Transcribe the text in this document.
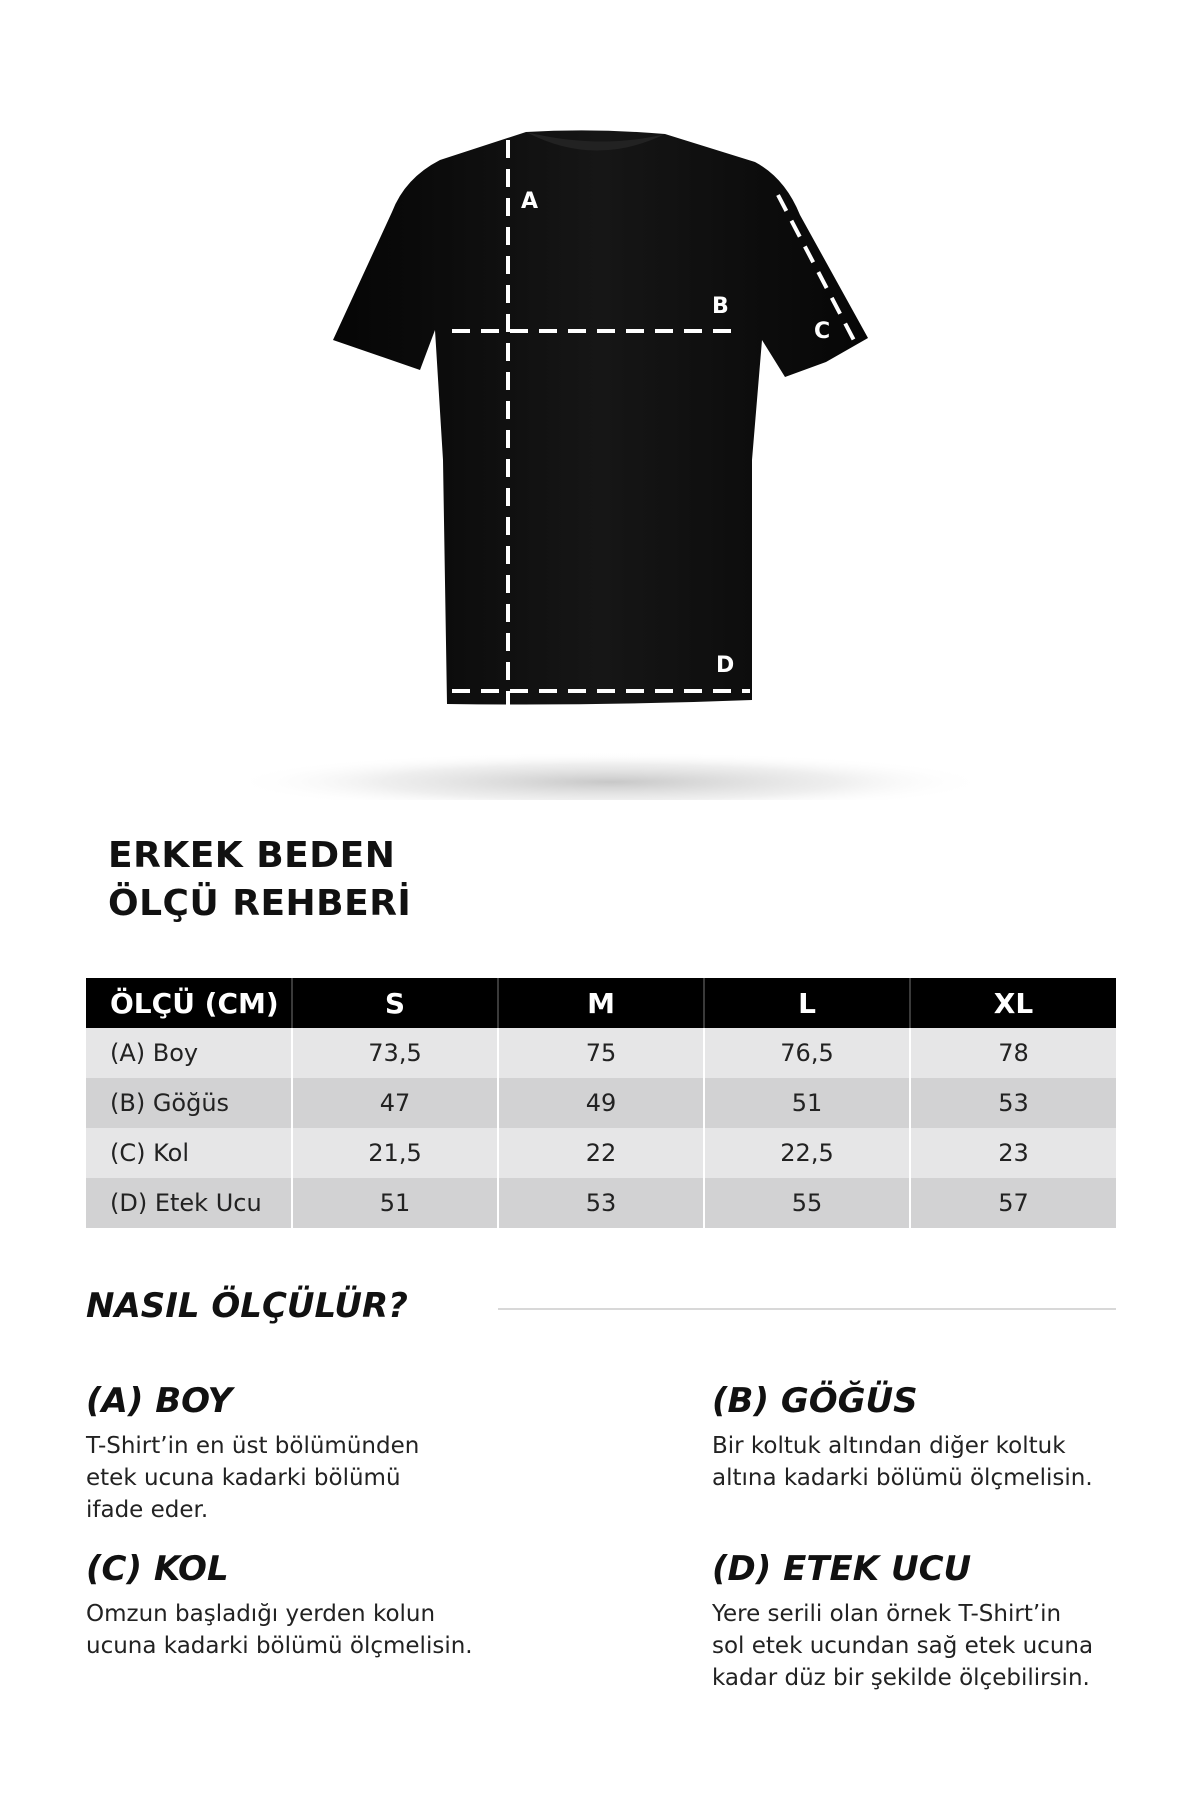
A
B
C
D
ERKEK BEDEN
ÖLÇÜ REHBERİ
ÖLÇÜ (CM)	S	M	L	XL
(A) Boy	73,5	75	76,5	78
(B) Göğüs	47	49	51	53
(C) Kol	21,5	22	22,5	23
(D) Etek Ucu	51	53	55	57
NASIL ÖLÇÜLÜR?
(A) BOY

T-Shirt’in en üst bölümünden
etek ucuna kadarki bölümü
ifade eder.

(B) GÖĞÜS

Bir koltuk altından diğer koltuk
altına kadarki bölümü ölçmelisin.

(C) KOL

Omzun başladığı yerden kolun
ucuna kadarki bölümü ölçmelisin.

(D) ETEK UCU

Yere serili olan örnek T-Shirt’in
sol etek ucundan sağ etek ucuna
kadar düz bir şekilde ölçebilirsin.
